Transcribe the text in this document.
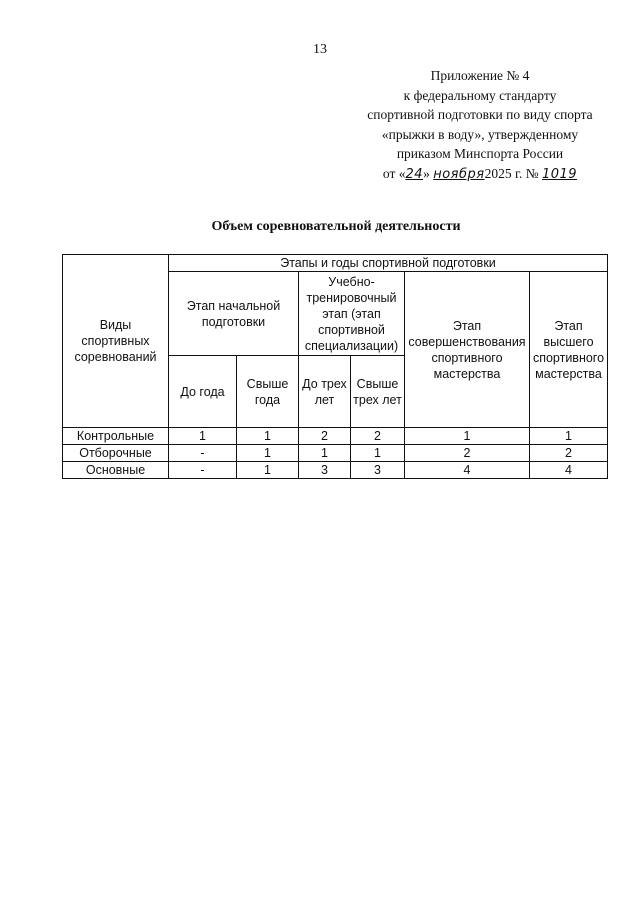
13
Приложение № 4
к федеральному стандарту
спортивной подготовки по виду спорта
«прыжки в воду», утвержденному
приказом Минспорта России
от «24» ноября2025 г. № 1019
Объем соревновательной деятельности
Виды спортивных соревнований	Этапы и годы спортивной подготовки					
	Этап начальной подготовки		Учебно-тренировочный этап (этап спортивной специализации)		Этап совершенствования спортивного мастерства	Этап высшего спортивного мастерства
	До года	Свыше года	До трех лет	Свыше трех лет		
Контрольные	1	1	2	2	1	1
Отборочные	-	1	1	1	2	2
Основные	-	1	3	3	4	4
